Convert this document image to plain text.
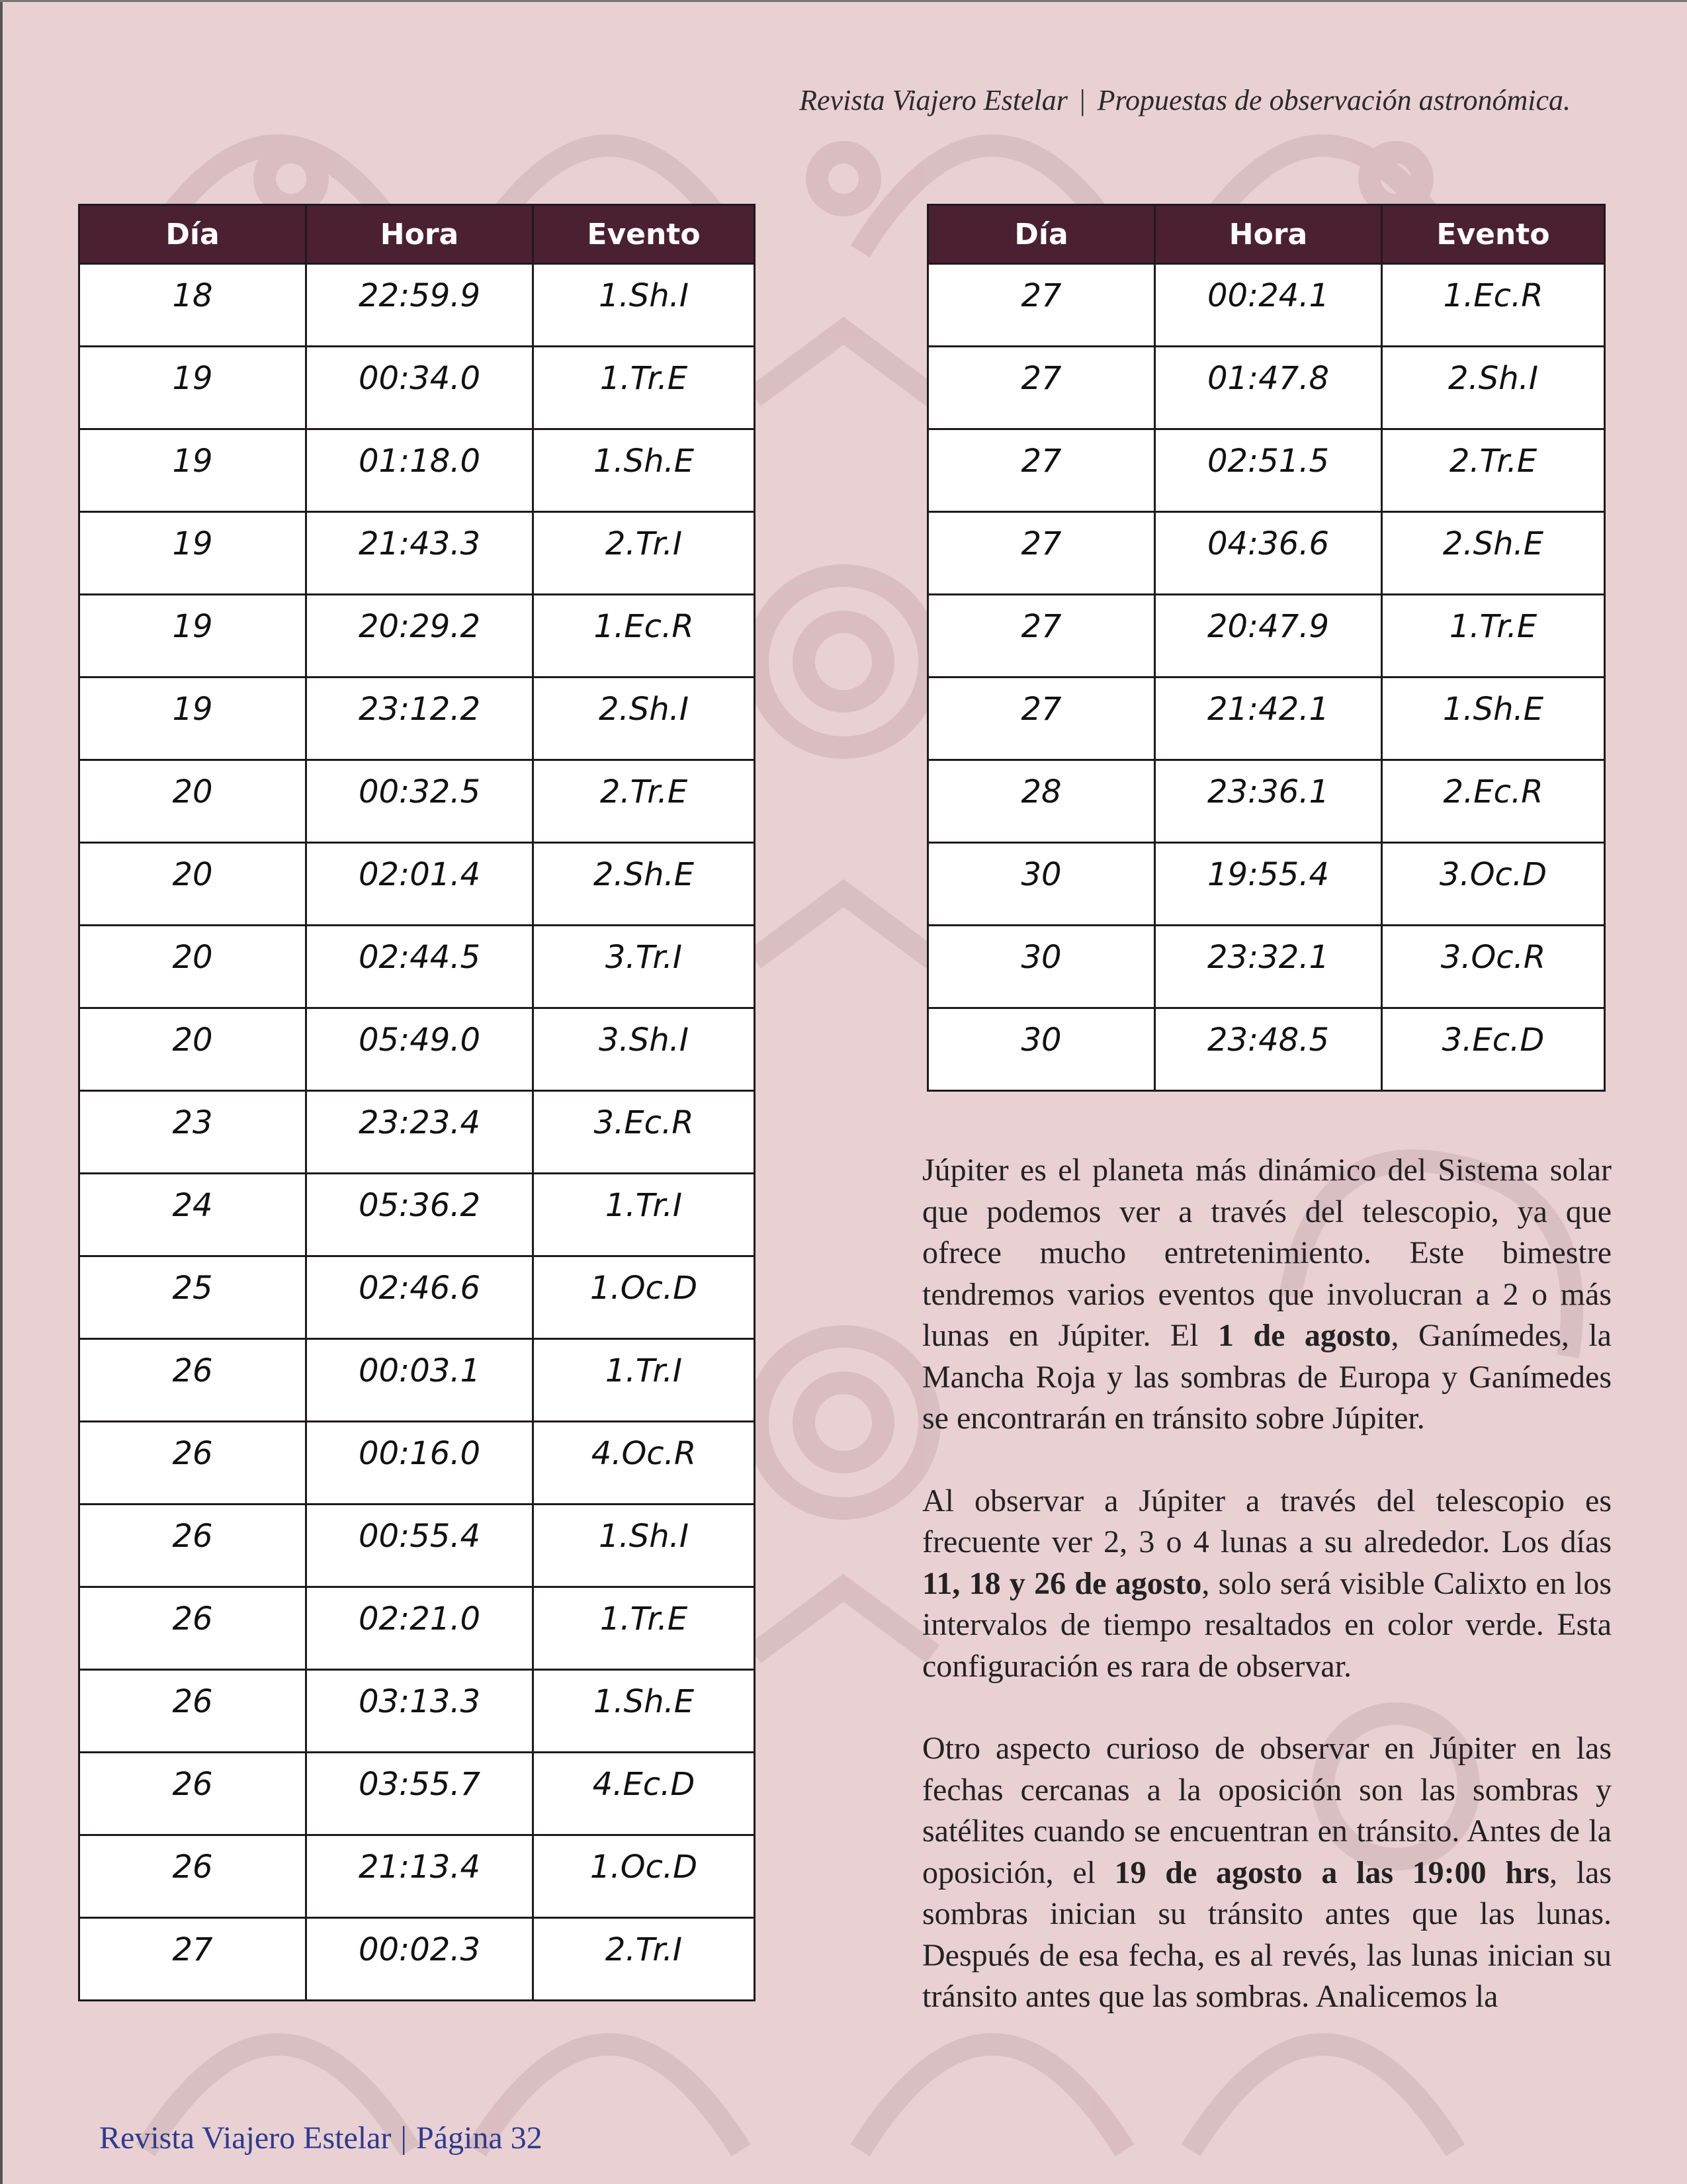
Revista Viajero Estelar | Propuestas de observación astronómica.
Día	Hora	Evento
18	22:59.9	1.Sh.I
19	00:34.0	1.Tr.E
19	01:18.0	1.Sh.E
19	21:43.3	2.Tr.I
19	20:29.2	1.Ec.R
19	23:12.2	2.Sh.I
20	00:32.5	2.Tr.E
20	02:01.4	2.Sh.E
20	02:44.5	3.Tr.I
20	05:49.0	3.Sh.I
23	23:23.4	3.Ec.R
24	05:36.2	1.Tr.I
25	02:46.6	1.Oc.D
26	00:03.1	1.Tr.I
26	00:16.0	4.Oc.R
26	00:55.4	1.Sh.I
26	02:21.0	1.Tr.E
26	03:13.3	1.Sh.E
26	03:55.7	4.Ec.D
26	21:13.4	1.Oc.D
27	00:02.3	2.Tr.I
Día	Hora	Evento
27	00:24.1	1.Ec.R
27	01:47.8	2.Sh.I
27	02:51.5	2.Tr.E
27	04:36.6	2.Sh.E
27	20:47.9	1.Tr.E
27	21:42.1	1.Sh.E
28	23:36.1	2.Ec.R
30	19:55.4	3.Oc.D
30	23:32.1	3.Oc.R
30	23:48.5	3.Ec.D

Júpiter es el planeta más dinámico del Sistema solar que podemos ver a través del telescopio, ya que ofrece mucho entretenimiento. Este bimestre tendremos varios eventos que involucran a 2 o más lunas en Júpiter. El 1 de agosto, Ganímedes, la Mancha Roja y las sombras de Europa y Ganímedes se encontrarán en tránsito sobre Júpiter.

Al observar a Júpiter a través del telescopio es frecuente ver 2, 3 o 4 lunas a su alrededor. Los días 11, 18 y 26 de agosto, solo será visible Calixto en los intervalos de tiempo resaltados en color verde. Esta configuración es rara de observar.

Otro aspecto curioso de observar en Júpiter en las fechas cercanas a la oposición son las sombras y satélites cuando se encuentran en tránsito. Antes de la oposición, el 19 de agosto a las 19:00 hrs, las sombras inician su tránsito antes que las lunas. Después de esa fecha, es al revés, las lunas inician su tránsito antes que las sombras. Analicemos la

Revista Viajero Estelar | Página 32
